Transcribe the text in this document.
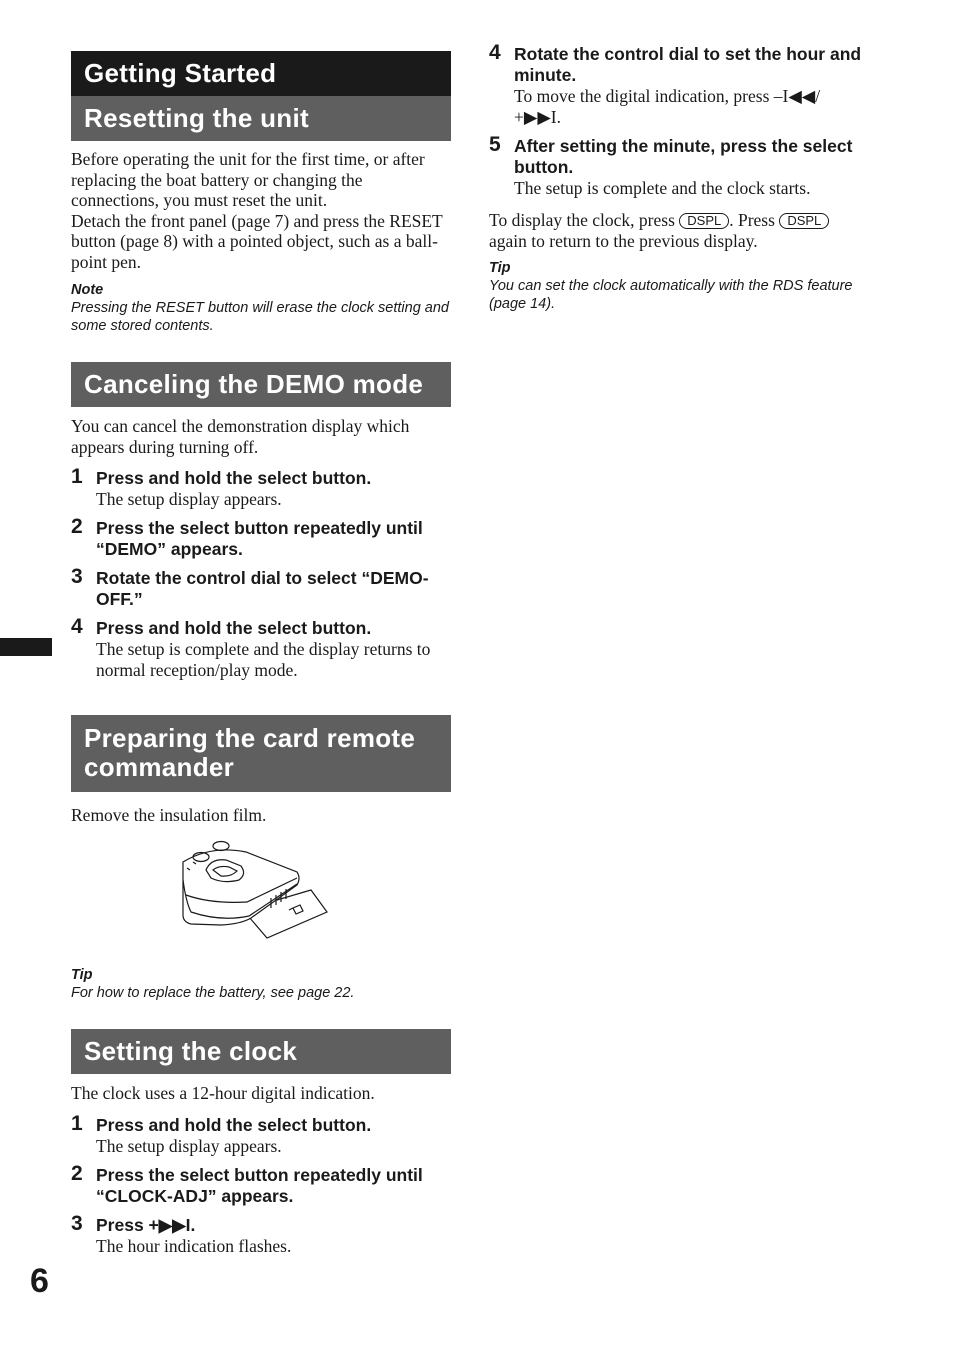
Getting Started
Resetting the unit
Before operating the unit for the first time, or after replacing the boat battery or changing the connections, you must reset the unit.
Detach the front panel (page 7) and press the RESET button (page 8) with a pointed object, such as a ball-point pen.
Note
Pressing the RESET button will erase the clock setting and some stored contents.
Canceling the DEMO mode
You can cancel the demonstration display which appears during turning off.
1 Press and hold the select button.
The setup display appears.
2 Press the select button repeatedly until “DEMO” appears.
3 Rotate the control dial to select “DEMO-OFF.”
4 Press and hold the select button.
The setup is complete and the display returns to normal reception/play mode.
Preparing the card remote
commander
Remove the insulation film.
Tip
For how to replace the battery, see page 22.
Setting the clock
The clock uses a 12-hour digital indication.
1 Press and hold the select button.
The setup display appears.
2 Press the select button repeatedly until “CLOCK-ADJ” appears.
3 Press +▶▶I.
The hour indication flashes.
4 Rotate the control dial to set the hour and minute.
To move the digital indication, press –I◀◀/ +▶▶I.
5 After setting the minute, press the select button.
The setup is complete and the clock starts.
To display the clock, press DSPL . Press DSPL again to return to the previous display.
Tip
You can set the clock automatically with the RDS feature (page 14).
6
